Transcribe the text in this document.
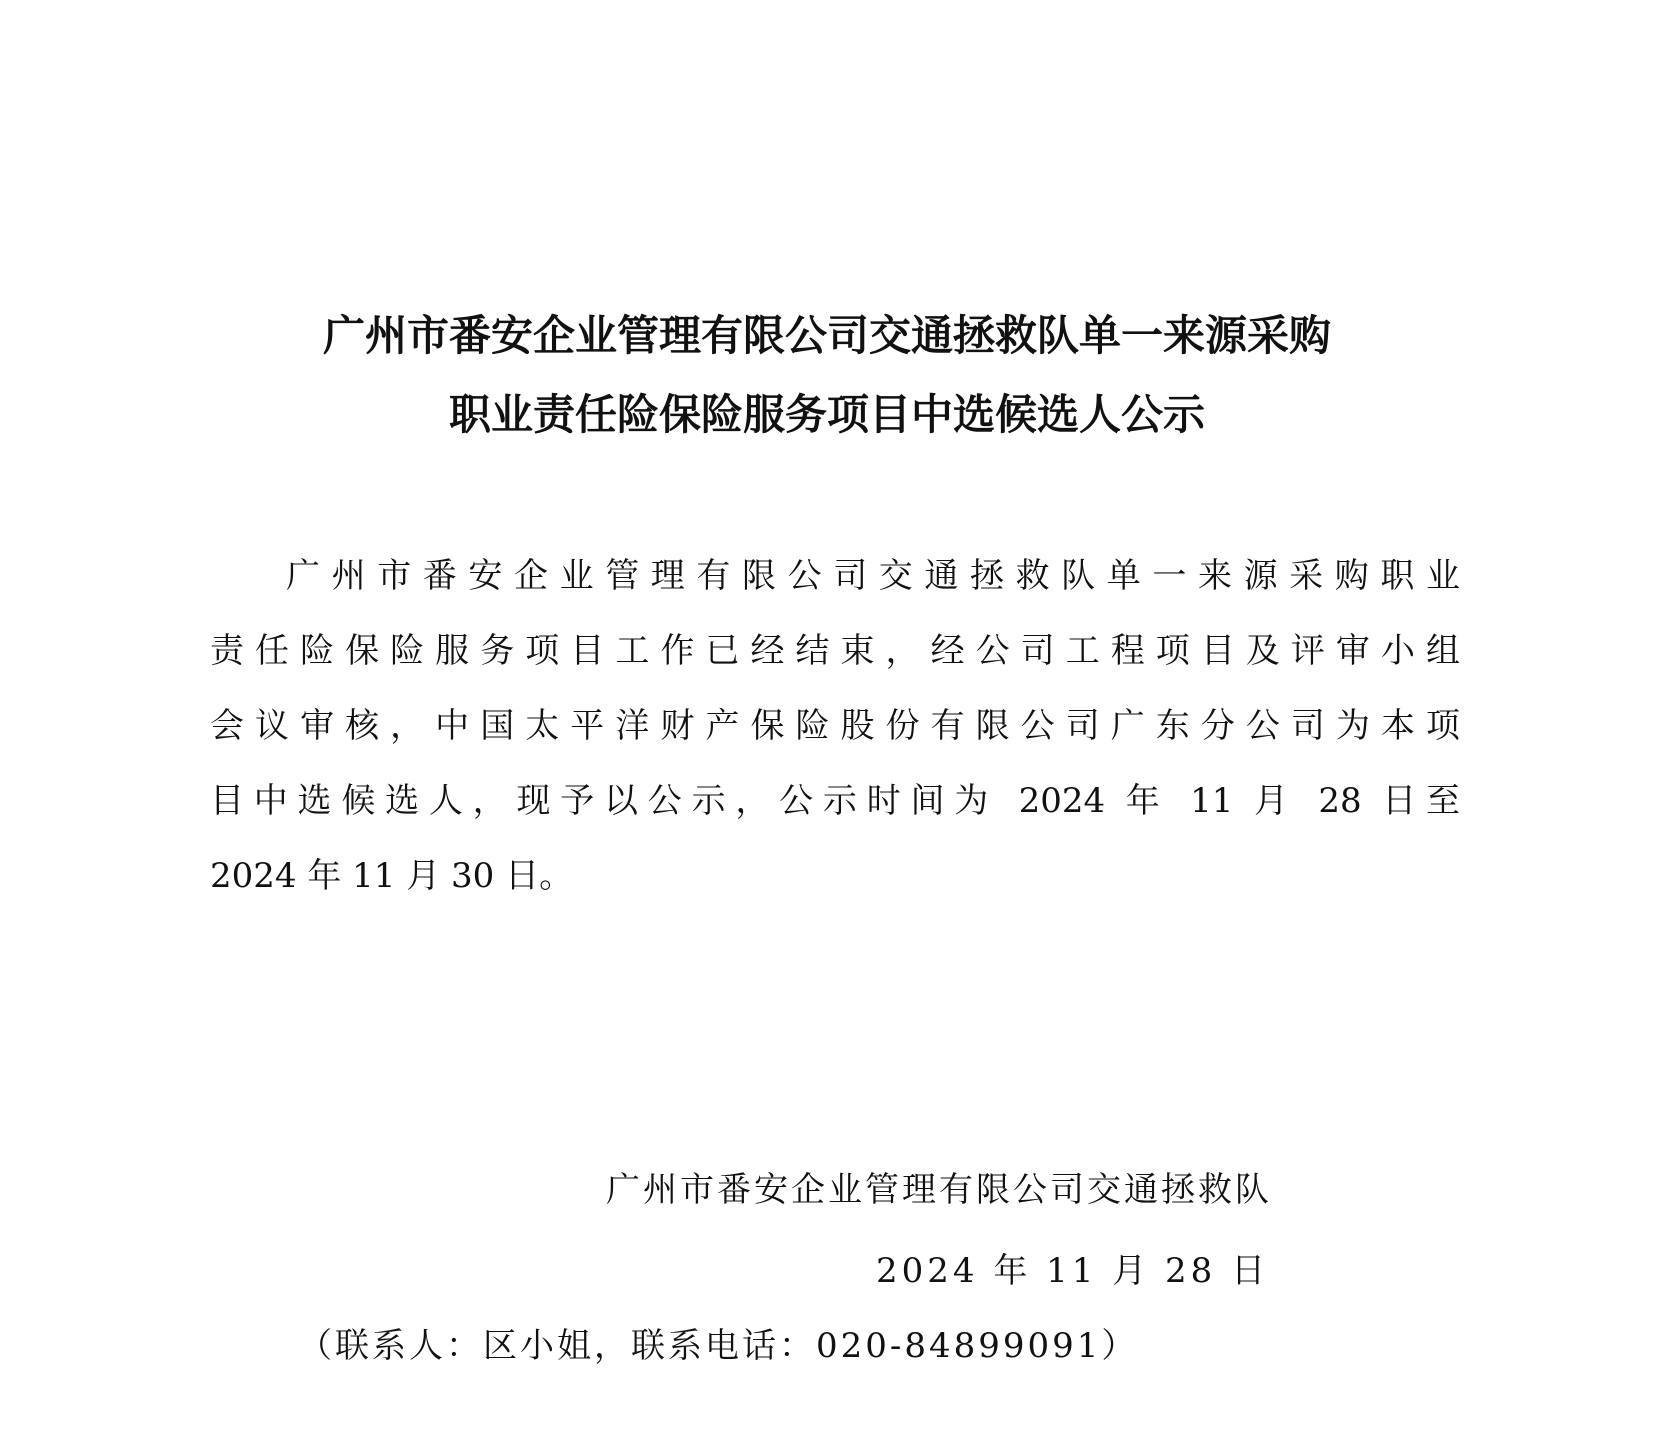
广州市番安企业管理有限公司交通拯救队单一来源采购
职业责任险保险服务项目中选候选人公示
广州市番安企业管理有限公司交通拯救队单一来源采购职业
责任险保险服务项目工作已经结束，经公司工程项目及评审小组
会议审核，中国太平洋财产保险股份有限公司广东分公司为本项
目中选候选人，现予以公示，公示时间为 2024 年 11 月 28 日至
2024 年 11 月 30 日。
广州市番安企业管理有限公司交通拯救队
2024 年 11 月 28 日
（联系人：区小姐，联系电话：020-84899091）
